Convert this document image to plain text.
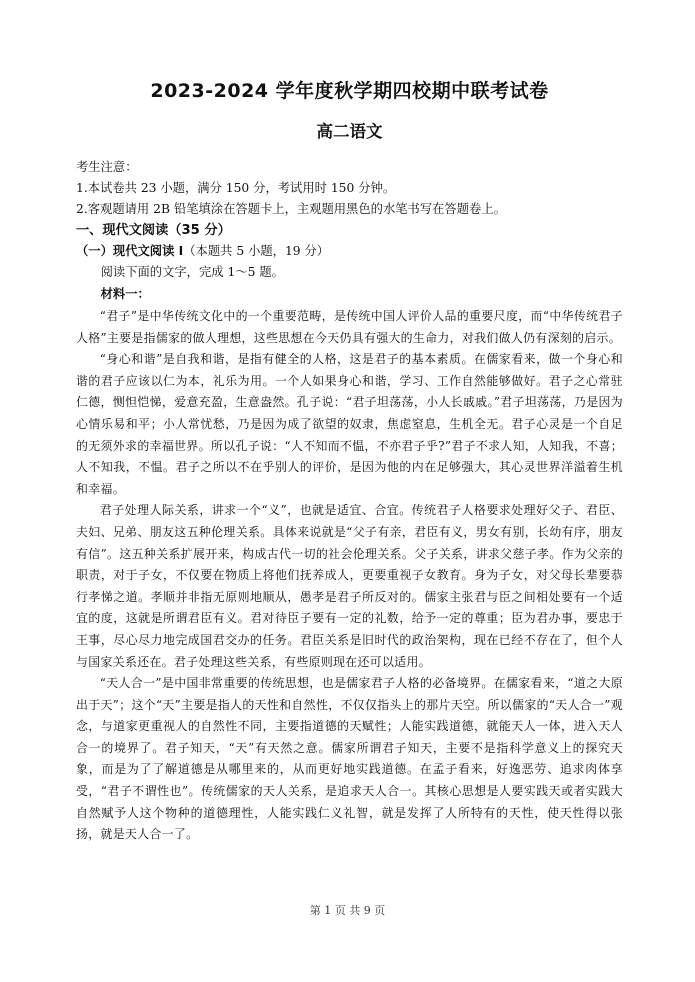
2023-2024 学年度秋学期四校期中联考试卷
高二语文
考生注意：
1.本试卷共 23 小题，满分 150 分，考试用时 150 分钟。
2.客观题请用 2B 铅笔填涂在答题卡上，主观题用黑色的水笔书写在答题卷上。
一、现代文阅读（35 分）
（一）现代文阅读 I（本题共 5 小题，19 分）
阅读下面的文字，完成 1～5 题。
材料一：

“君子”是中华传统文化中的一个重要范畴，是传统中国人评价人品的重要尺度，而“中华传统君子人格”主要是指儒家的做人理想，这些思想在今天仍具有强大的生命力，对我们做人仍有深刻的启示。

“身心和谐”是自我和谐，是指有健全的人格，这是君子的基本素质。在儒家看来，做一个身心和谐的君子应该以仁为本，礼乐为用。一个人如果身心和谐，学习、工作自然能够做好。君子之心常驻仁德，恻怛恺悌，爱意充盈，生意盎然。孔子说：“君子坦荡荡，小人长戚戚。”君子坦荡荡，乃是因为心情乐易和平；小人常忧愁，乃是因为成了欲望的奴隶，焦虑窒息，生机全无。君子心灵是一个自足的无须外求的幸福世界。所以孔子说：“人不知而不愠，不亦君子乎?”君子不求人知，人知我，不喜；人不知我，不愠。君子之所以不在乎别人的评价，是因为他的内在足够强大，其心灵世界洋溢着生机和幸福。

君子处理人际关系，讲求一个“义”，也就是适宜、合宜。传统君子人格要求处理好父子、君臣、夫妇、兄弟、朋友这五种伦理关系。具体来说就是“父子有亲，君臣有义，男女有别，长幼有序，朋友有信”。这五种关系扩展开来，构成古代一切的社会伦理关系。父子关系，讲求父慈子孝。作为父亲的职责，对于子女，不仅要在物质上将他们抚养成人，更要重视子女教育。身为子女，对父母长辈要恭行孝悌之道。孝顺并非指无原则地顺从，愚孝是君子所反对的。儒家主张君与臣之间相处要有一个适宜的度，这就是所谓君臣有义。君对待臣子要有一定的礼数，给予一定的尊重；臣为君办事，要忠于王事，尽心尽力地完成国君交办的任务。君臣关系是旧时代的政治架构，现在已经不存在了，但个人与国家关系还在。君子处理这些关系，有些原则现在还可以适用。

“天人合一”是中国非常重要的传统思想，也是儒家君子人格的必备境界。在儒家看来，“道之大原出于天”；这个“天”主要是指人的天性和自然性，不仅仅指头上的那片天空。所以儒家的“天人合一”观念，与道家更重视人的自然性不同，主要指道德的天赋性；人能实践道德，就能天人一体，进入天人合一的境界了。君子知天，“天”有天然之意。儒家所谓君子知天，主要不是指科学意义上的探究天象，而是为了了解道德是从哪里来的，从而更好地实践道德。在孟子看来，好逸恶劳、追求肉体享受，“君子不谓性也”。传统儒家的天人关系，是追求天人合一。其核心思想是人要实践天或者实践大自然赋予人这个物种的道德理性，人能实践仁义礼智，就是发挥了人所特有的天性，使天性得以张扬，就是天人合一了。

第 1 页 共 9 页
